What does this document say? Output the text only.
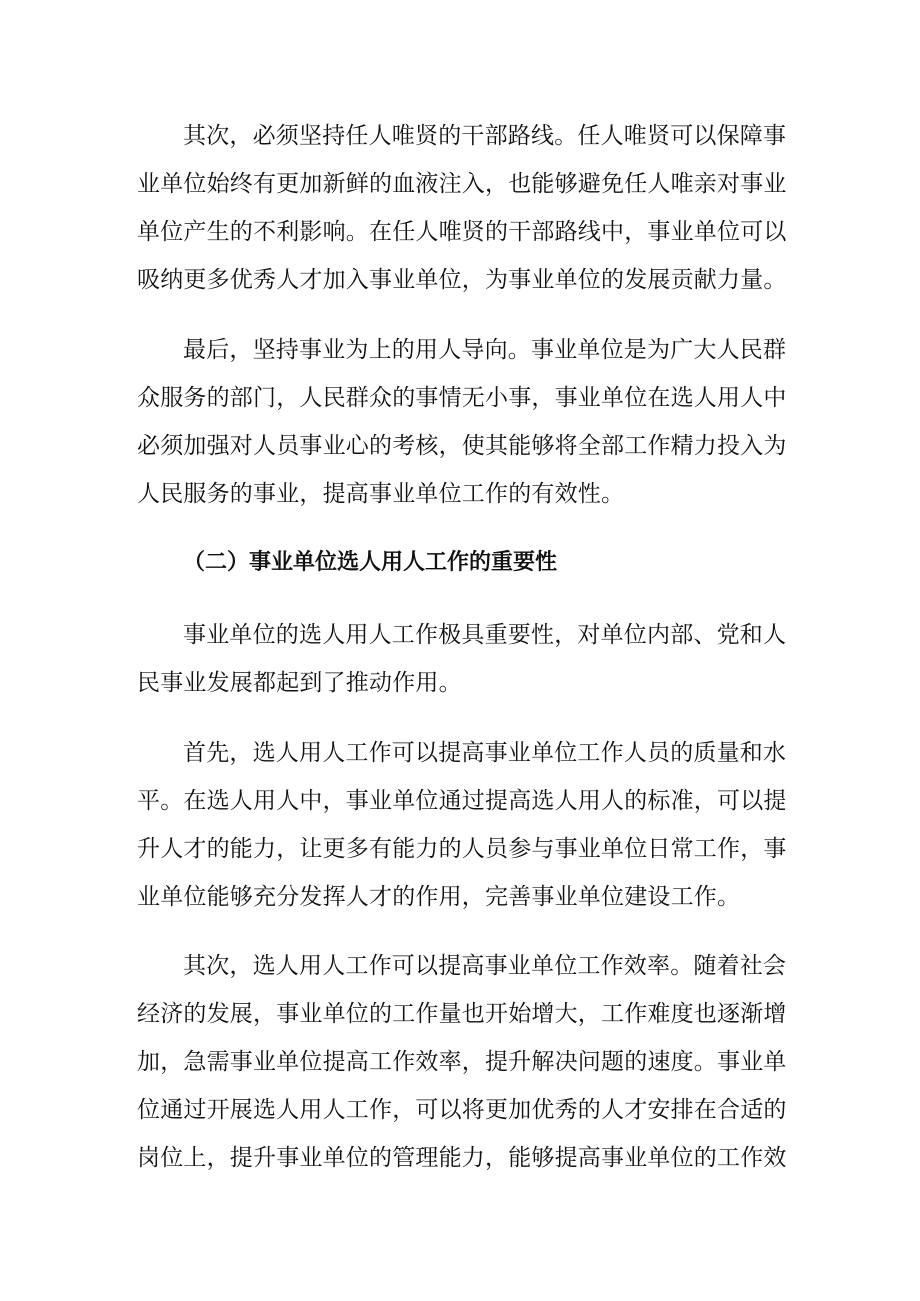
其次，必须坚持任人唯贤的干部路线。任人唯贤可以保障事
业单位始终有更加新鲜的血液注入，也能够避免任人唯亲对事业
单位产生的不利影响。在任人唯贤的干部路线中，事业单位可以
吸纳更多优秀人才加入事业单位，为事业单位的发展贡献力量。
最后，坚持事业为上的用人导向。事业单位是为广大人民群
众服务的部门，人民群众的事情无小事，事业单位在选人用人中
必须加强对人员事业心的考核，使其能够将全部工作精力投入为
人民服务的事业，提高事业单位工作的有效性。
（二）事业单位选人用人工作的重要性
事业单位的选人用人工作极具重要性，对单位内部、党和人
民事业发展都起到了推动作用。
首先，选人用人工作可以提高事业单位工作人员的质量和水
平。在选人用人中，事业单位通过提高选人用人的标准，可以提
升人才的能力，让更多有能力的人员参与事业单位日常工作，事
业单位能够充分发挥人才的作用，完善事业单位建设工作。
其次，选人用人工作可以提高事业单位工作效率。随着社会
经济的发展，事业单位的工作量也开始增大，工作难度也逐渐增
加，急需事业单位提高工作效率，提升解决问题的速度。事业单
位通过开展选人用人工作，可以将更加优秀的人才安排在合适的
岗位上，提升事业单位的管理能力，能够提高事业单位的工作效
